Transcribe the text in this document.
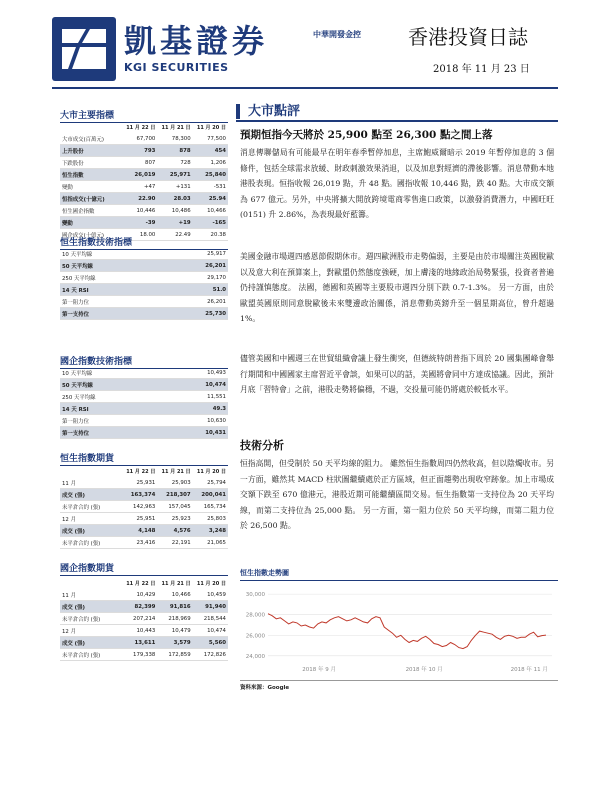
凱基證券
KGI SECURITIES
中華開發金控 香港投資日誌
2018 年 11 月 23 日
大市主要指標
11 月 22 日	11 月 21 日	11 月 20 日
大市成交(百萬元)	67,700	78,300	77,500
上升股份	793	878	454
下跌股份	807	728	1,206
恒生指數	26,019	25,971	25,840
變動	+47	+131	-531
恒指成交(十億元)	22.90	28.03	25.94
恒生國企指數	10,446	10,486	10,466
變動	-39	+19	-165
國企成交(十億元)	18.00	22.49	20.38
恒生指數技術指標
10 天平均線	25,917
50 天平均線	26,201
250 天平均線	29,170
14 天 RSI	51.0
第一阻力位	26,201
第一支持位	25,730
國企指數技術指標
10 天平均線	10,493
50 天平均線	10,474
250 天平均線	11,551
14 天 RSI	49.3
第一阻力位	10,630
第一支持位	10,431
恒生指數期貨
11 月 22 日	11 月 21 日	11 月 20 日
11 月	25,931	25,903	25,794
成交 (張)	163,374	218,307	200,041
未平倉合約 (張)	142,963	157,045	165,734
12 月	25,951	25,923	25,803
成交 (張)	4,148	4,576	3,248
未平倉合約 (張)	23,416	22,191	21,065
國企指數期貨
11 月 22 日	11 月 21 日	11 月 20 日
11 月	10,429	10,466	10,459
成交 (張)	82,399	91,816	91,940
未平倉合約 (張)	207,214	218,969	218,544
12 月	10,443	10,479	10,474
成交 (張)	13,611	3,579	5,560
未平倉合約 (張)	179,338	172,859	172,826
大市點評
預期恒指今天將於 25,900 點至 26,300 點之間上落
消息傳聯儲局有可能最早在明年春季暫停加息，主席鮑威爾暗示 2019 年暫停加息的 3 個條件，包括全球需求放緩、財政刺激效果消退，以及加息對經濟的滯後影響。消息帶動本地港股表現。恒指收報 26,019 點，升 48 點。國指收報 10,446 點，跌 40 點。大市成交額為 677 億元。另外，中央將擴大開放跨境電商零售進口政策，以激發消費潛力，中國旺旺(0151) 升 2.86%，為表現最好藍籌。
美國金融市場週四感恩節假期休市。週四歐洲股市走勢偏弱，主要是由於市場關注英國脫歐以及意大利在預算案上，對歐盟仍然態度強硬，加上膚淺的地緣政治局勢緊張，投資者普遍仍持謹慎態度。 法國，德國和英國等主要股市週四分別下跌 0.7-1.3%。 另一方面，由於歐盟英國原則同意脫歐後未來雙邊政治關係，消息帶動英鎊升至一個星期高位，曾升超過 1%。
儘管美國和中國週三在世貿組織會議上發生衝突，但德統特朗普指下周於 20 國集團峰會舉行期間和中國國家主席習近平會談，如果可以的話，美國將會同中方達成協議。因此，預計月底「習特會」之前，港股走勢將偏穩，不過，交投量可能仍將處於較低水平。
技術分析
恒指高開，但受制於 50 天平均線的阻力。 雖然恒生指數周四仍然收高，但以陰燭收市。另一方面，雖然其 MACD 柱狀圖繼續處於正方區域，但正面趨勢出現收窄跡象。加上市場成交額下跌至 670 億港元，港股近期可能繼續區間交易。恒生指數第一支持位為 20 天平均線，而第二支持位為 25,000 點。 另一方面，第一阻力位於 50 天平均線，而第二阻力位於 26,500 點。
恒生指數走勢圖
24,000
26,000
28,000
30,000
2018 年 9 月	2018 年 10 月	2018 年 11 月
資料來源：Google
